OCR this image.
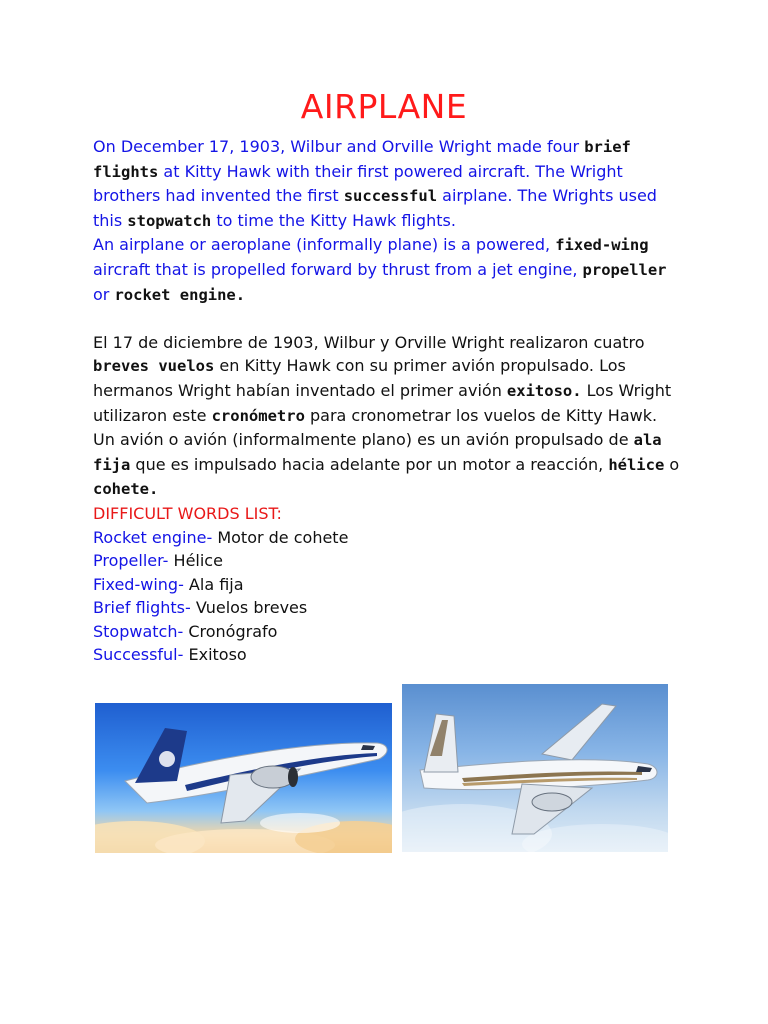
AIRPLANE

On December 17, 1903, Wilbur and Orville Wright made four brief flights at Kitty Hawk with their first powered aircraft. The Wright brothers had invented the first successful airplane. The Wrights used this stopwatch to time the Kitty Hawk flights.

An airplane or aeroplane (informally plane) is a powered, fixed-wing aircraft that is propelled forward by thrust from a jet engine, propeller or rocket engine.

El 17 de diciembre de 1903, Wilbur y Orville Wright realizaron cuatro breves vuelos en Kitty Hawk con su primer avión propulsado. Los hermanos Wright habían inventado el primer avión exitoso. Los Wright utilizaron este cronómetro para cronometrar los vuelos de Kitty Hawk.

Un avión o avión (informalmente plano) es un avión propulsado de ala fija que es impulsado hacia adelante por un motor a reacción, hélice o cohete.

DIFFICULT WORDS LIST:

Rocket engine- Motor de cohete

Propeller- Hélice

Fixed-wing- Ala fija

Brief flights- Vuelos breves

Stopwatch- Cronógrafo

Successful- Exitoso
